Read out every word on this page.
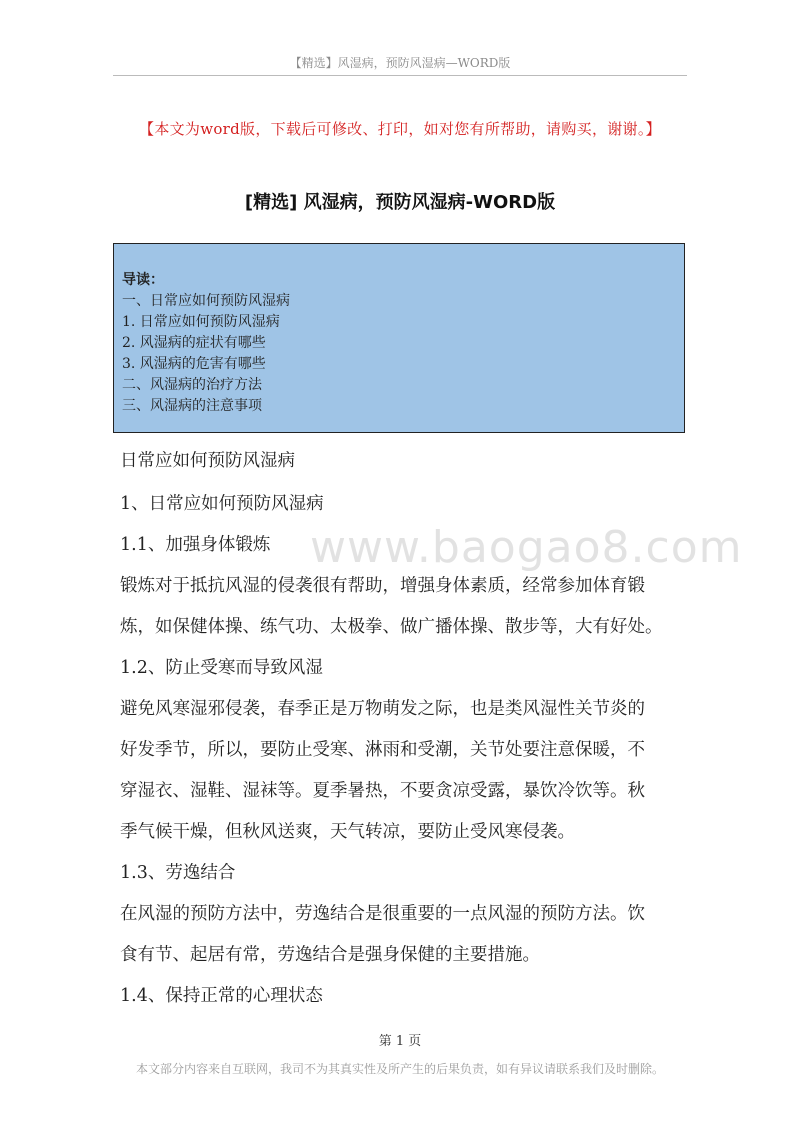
【精选】风湿病，预防风湿病—WORD版
【本文为word版，下载后可修改、打印，如对您有所帮助，请购买，谢谢。】
[精选] 风湿病，预防风湿病-WORD版

导读：

一、日常应如何预防风湿病

1. 日常应如何预防风湿病

2. 风湿病的症状有哪些

3. 风湿病的危害有哪些

二、风湿病的治疗方法

三、风湿病的注意事项

www.baogao8.com
日常应如何预防风湿病
1、日常应如何预防风湿病
1.1、加强身体锻炼
锻炼对于抵抗风湿的侵袭很有帮助，增强身体素质，经常参加体育锻
炼，如保健体操、练气功、太极拳、做广播体操、散步等，大有好处。
1.2、防止受寒而导致风湿
避免风寒湿邪侵袭，春季正是万物萌发之际，也是类风湿性关节炎的
好发季节，所以，要防止受寒、淋雨和受潮，关节处要注意保暖，不
穿湿衣、湿鞋、湿袜等。夏季暑热，不要贪凉受露，暴饮冷饮等。秋
季气候干燥，但秋风送爽，天气转凉，要防止受风寒侵袭。
1.3、劳逸结合
在风湿的预防方法中，劳逸结合是很重要的一点风湿的预防方法。饮
食有节、起居有常，劳逸结合是强身保健的主要措施。
1.4、保持正常的心理状态
第 1 页
本文部分内容来自互联网，我司不为其真实性及所产生的后果负责，如有异议请联系我们及时删除。
